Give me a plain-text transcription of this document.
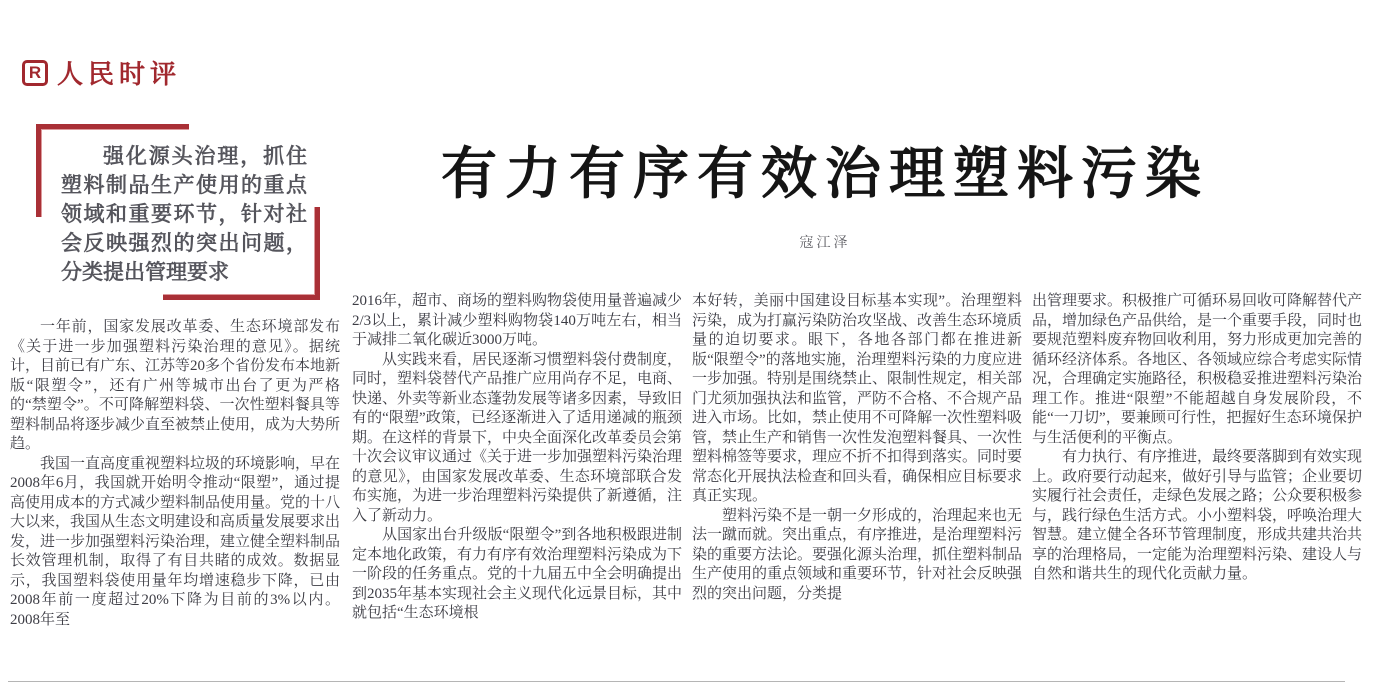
R 人民时评

强化源头治理，抓住塑料制品生产使用的重点领域和重要环节，针对社会反映强烈的突出问题，分类提出管理要求

有力有序有效治理塑料污染
寇江泽

一年前，国家发展改革委、生态环境部发布《关于进一步加强塑料污染治理的意见》。据统计，目前已有广东、江苏等20多个省份发布本地新版“限塑令”，还有广州等城市出台了更为严格的“禁塑令”。不可降解塑料袋、一次性塑料餐具等塑料制品将逐步减少直至被禁止使用，成为大势所趋。

我国一直高度重视塑料垃圾的环境影响，早在2008年6月，我国就开始明令推动“限塑”，通过提高使用成本的方式减少塑料制品使用量。党的十八大以来，我国从生态文明建设和高质量发展要求出发，进一步加强塑料污染治理，建立健全塑料制品长效管理机制，取得了有目共睹的成效。数据显示，我国塑料袋使用量年均增速稳步下降，已由2008年前一度超过20%下降为目前的3%以内。2008年至

2016年，超市、商场的塑料购物袋使用量普遍减少2/3以上，累计减少塑料购物袋140万吨左右，相当于减排二氧化碳近3000万吨。

从实践来看，居民逐渐习惯塑料袋付费制度，同时，塑料袋替代产品推广应用尚存不足，电商、快递、外卖等新业态蓬勃发展等诸多因素，导致旧有的“限塑”政策，已经逐渐进入了适用递减的瓶颈期。在这样的背景下，中央全面深化改革委员会第十次会议审议通过《关于进一步加强塑料污染治理的意见》，由国家发展改革委、生态环境部联合发布实施，为进一步治理塑料污染提供了新遵循，注入了新动力。

从国家出台升级版“限塑令”到各地积极跟进制定本地化政策，有力有序有效治理塑料污染成为下一阶段的任务重点。党的十九届五中全会明确提出到2035年基本实现社会主义现代化远景目标，其中就包括“生态环境根

本好转，美丽中国建设目标基本实现”。治理塑料污染，成为打赢污染防治攻坚战、改善生态环境质量的迫切要求。眼下，各地各部门都在推进新版“限塑令”的落地实施，治理塑料污染的力度应进一步加强。特别是围绕禁止、限制性规定，相关部门尤须加强执法和监管，严防不合格、不合规产品进入市场。比如，禁止使用不可降解一次性塑料吸管，禁止生产和销售一次性发泡塑料餐具、一次性塑料棉签等要求，理应不折不扣得到落实。同时要常态化开展执法检查和回头看，确保相应目标要求真正实现。

塑料污染不是一朝一夕形成的，治理起来也无法一蹴而就。突出重点，有序推进，是治理塑料污染的重要方法论。要强化源头治理，抓住塑料制品生产使用的重点领域和重要环节，针对社会反映强烈的突出问题，分类提

出管理要求。积极推广可循环易回收可降解替代产品，增加绿色产品供给，是一个重要手段，同时也要规范塑料废弃物回收利用，努力形成更加完善的循环经济体系。各地区、各领域应综合考虑实际情况，合理确定实施路径，积极稳妥推进塑料污染治理工作。推进“限塑”不能超越自身发展阶段，不能“一刀切”，要兼顾可行性，把握好生态环境保护与生活便利的平衡点。

有力执行、有序推进，最终要落脚到有效实现上。政府要行动起来，做好引导与监管；企业要切实履行社会责任，走绿色发展之路；公众要积极参与，践行绿色生活方式。小小塑料袋，呼唤治理大智慧。建立健全各环节管理制度，形成共建共治共享的治理格局，一定能为治理塑料污染、建设人与自然和谐共生的现代化贡献力量。
